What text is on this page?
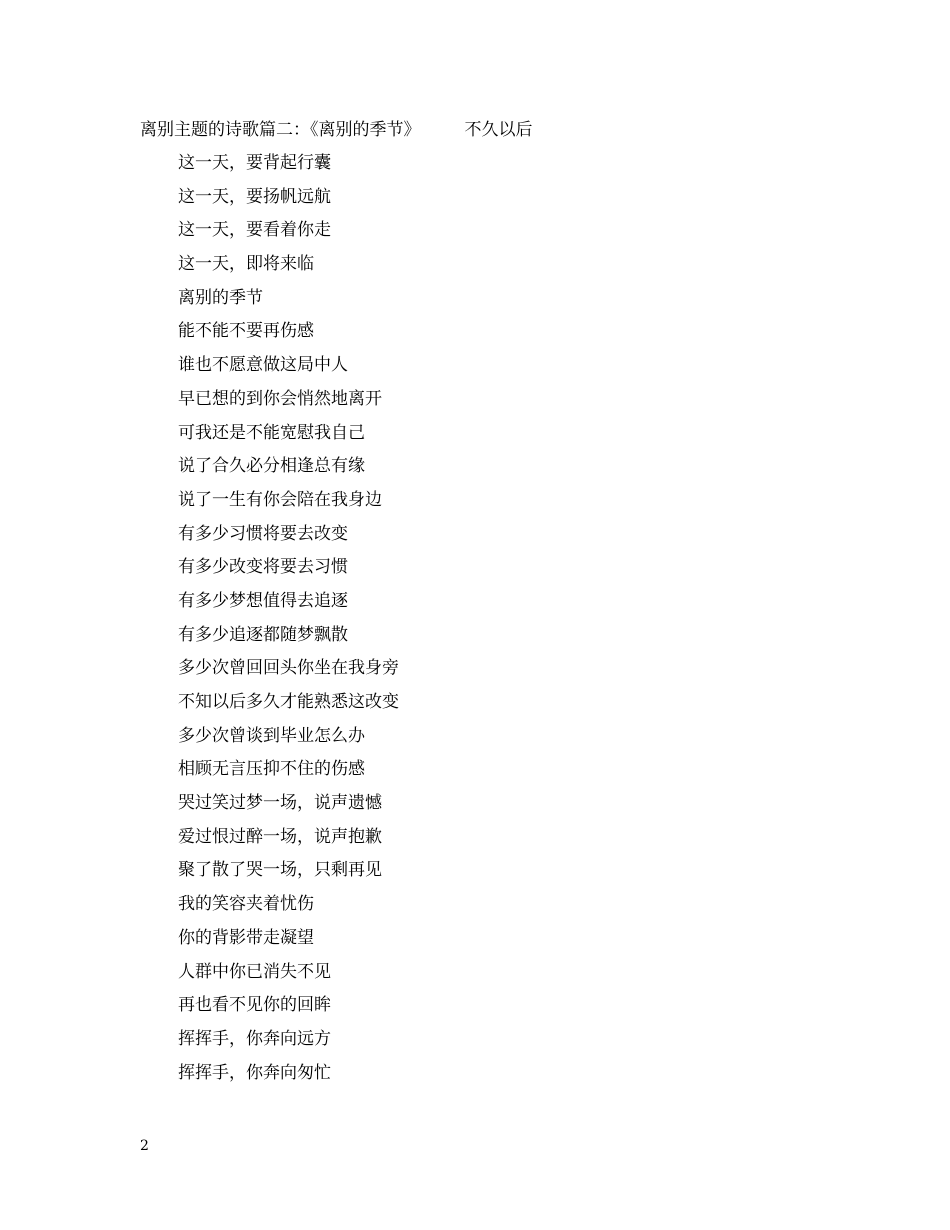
离别主题的诗歌篇二：《离别的季节》	不久以后
这一天，要背起行囊
这一天，要扬帆远航
这一天，要看着你走
这一天，即将来临
离别的季节
能不能不要再伤感
谁也不愿意做这局中人
早已想的到你会悄然地离开
可我还是不能宽慰我自己
说了合久必分相逢总有缘
说了一生有你会陪在我身边
有多少习惯将要去改变
有多少改变将要去习惯
有多少梦想值得去追逐
有多少追逐都随梦飘散
多少次曾回回头你坐在我身旁
不知以后多久才能熟悉这改变
多少次曾谈到毕业怎么办
相顾无言压抑不住的伤感
哭过笑过梦一场，说声遗憾
爱过恨过醉一场，说声抱歉
聚了散了哭一场，只剩再见
我的笑容夹着忧伤
你的背影带走凝望
人群中你已消失不见
再也看不见你的回眸
挥挥手，你奔向远方
挥挥手，你奔向匆忙
2
